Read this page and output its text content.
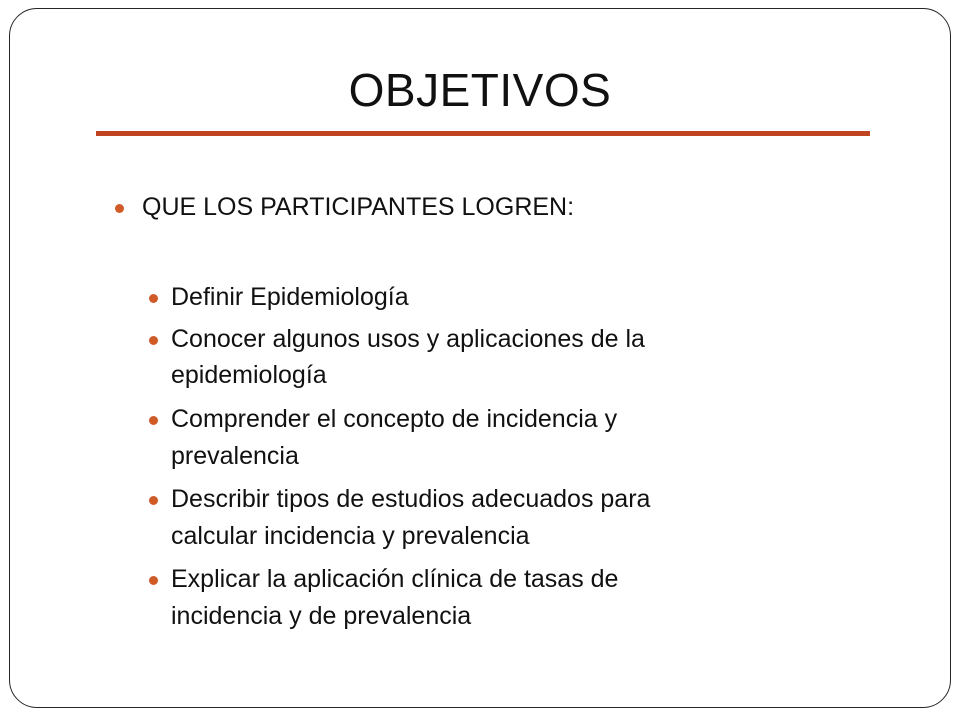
OBJETIVOS
QUE LOS PARTICIPANTES LOGREN:
Definir Epidemiología
Conocer algunos usos y aplicaciones de la
epidemiología
Comprender el concepto de incidencia y
prevalencia
Describir tipos de estudios adecuados para
calcular incidencia y prevalencia
Explicar la aplicación clínica de tasas de
incidencia y de prevalencia
